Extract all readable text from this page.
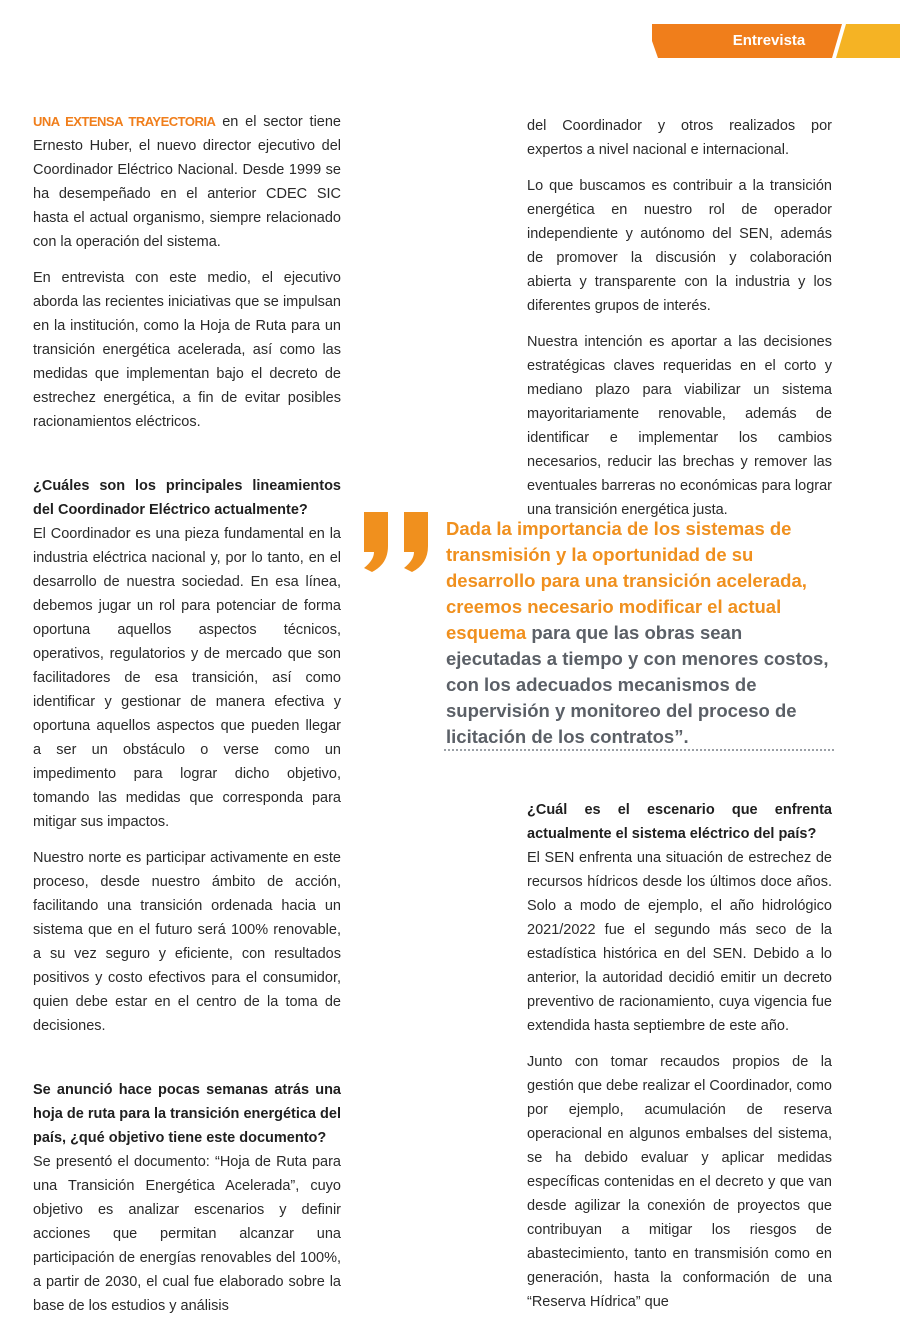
Entrevista

UNA EXTENSA TRAYECTORIA en el sector tiene Ernesto Huber, el nuevo director ejecutivo del Coordinador Eléctrico Nacional. Desde 1999 se ha desempeñado en el anterior CDEC SIC hasta el actual organismo, siempre relacionado con la operación del sistema.

En entrevista con este medio, el ejecutivo aborda las recientes iniciativas que se impulsan en la institución, como la Hoja de Ruta para un transición energética acelerada, así como las medidas que implementan bajo el decreto de estrechez energética, a fin de evitar posibles racionamientos eléctricos.

¿Cuáles son los principales lineamientos del Coordinador Eléctrico actualmente?

El Coordinador es una pieza fundamental en la industria eléctrica nacional y, por lo tanto, en el desarrollo de nuestra sociedad. En esa línea, debemos jugar un rol para potenciar de forma oportuna aquellos aspectos técnicos, operativos, regulatorios y de mercado que son facilitadores de esa transición, así como identificar y gestionar de manera efectiva y oportuna aquellos aspectos que pueden llegar a ser un obstáculo o verse como un impedimento para lograr dicho objetivo, tomando las medidas que corresponda para mitigar sus impactos.

Nuestro norte es participar activamente en este proceso, desde nuestro ámbito de acción, facilitando una transición ordenada hacia un sistema que en el futuro será 100% renovable, a su vez seguro y eficiente, con resultados positivos y costo efectivos para el consumidor, quien debe estar en el centro de la toma de decisiones.

Se anunció hace pocas semanas atrás una hoja de ruta para la transición energética del país, ¿qué objetivo tiene este documento?

Se presentó el documento: “Hoja de Ruta para una Transición Energética Acelerada”, cuyo objetivo es analizar escenarios y definir acciones que permitan alcanzar una participación de energías renovables del 100%, a partir de 2030, el cual fue elaborado sobre la base de los estudios y análisis

del Coordinador y otros realizados por expertos a nivel nacional e internacional.

Lo que buscamos es contribuir a la transición energética en nuestro rol de operador independiente y autónomo del SEN, además de promover la discusión y colaboración abierta y transparente con la industria y los diferentes grupos de interés.

Nuestra intención es aportar a las decisiones estratégicas claves requeridas en el corto y mediano plazo para viabilizar un sistema mayoritariamente renovable, además de identificar e implementar los cambios necesarios, reducir las brechas y remover las eventuales barreras no económicas para lograr una transición energética justa.

Dada la importancia de los sistemas de transmisión y la oportunidad de su desarrollo para una transición acelerada, creemos necesario modificar el actual esquema para que las obras sean ejecutadas a tiempo y con menores costos, con los adecuados mecanismos de supervisión y monitoreo del proceso de licitación de los contratos”.

¿Cuál es el escenario que enfrenta actualmente el sistema eléctrico del país?

El SEN enfrenta una situación de estrechez de recursos hídricos desde los últimos doce años. Solo a modo de ejemplo, el año hidrológico 2021/2022 fue el segundo más seco de la estadística histórica en del SEN. Debido a lo anterior, la autoridad decidió emitir un decreto preventivo de racionamiento, cuya vigencia fue extendida hasta septiembre de este año.

Junto con tomar recaudos propios de la gestión que debe realizar el Coordinador, como por ejemplo, acumulación de reserva operacional en algunos embalses del sistema, se ha debido evaluar y aplicar medidas específicas contenidas en el decreto y que van desde agilizar la conexión de proyectos que contribuyan a mitigar los riesgos de abastecimiento, tanto en transmisión como en generación, hasta la conformación de una “Reserva Hídrica” que
